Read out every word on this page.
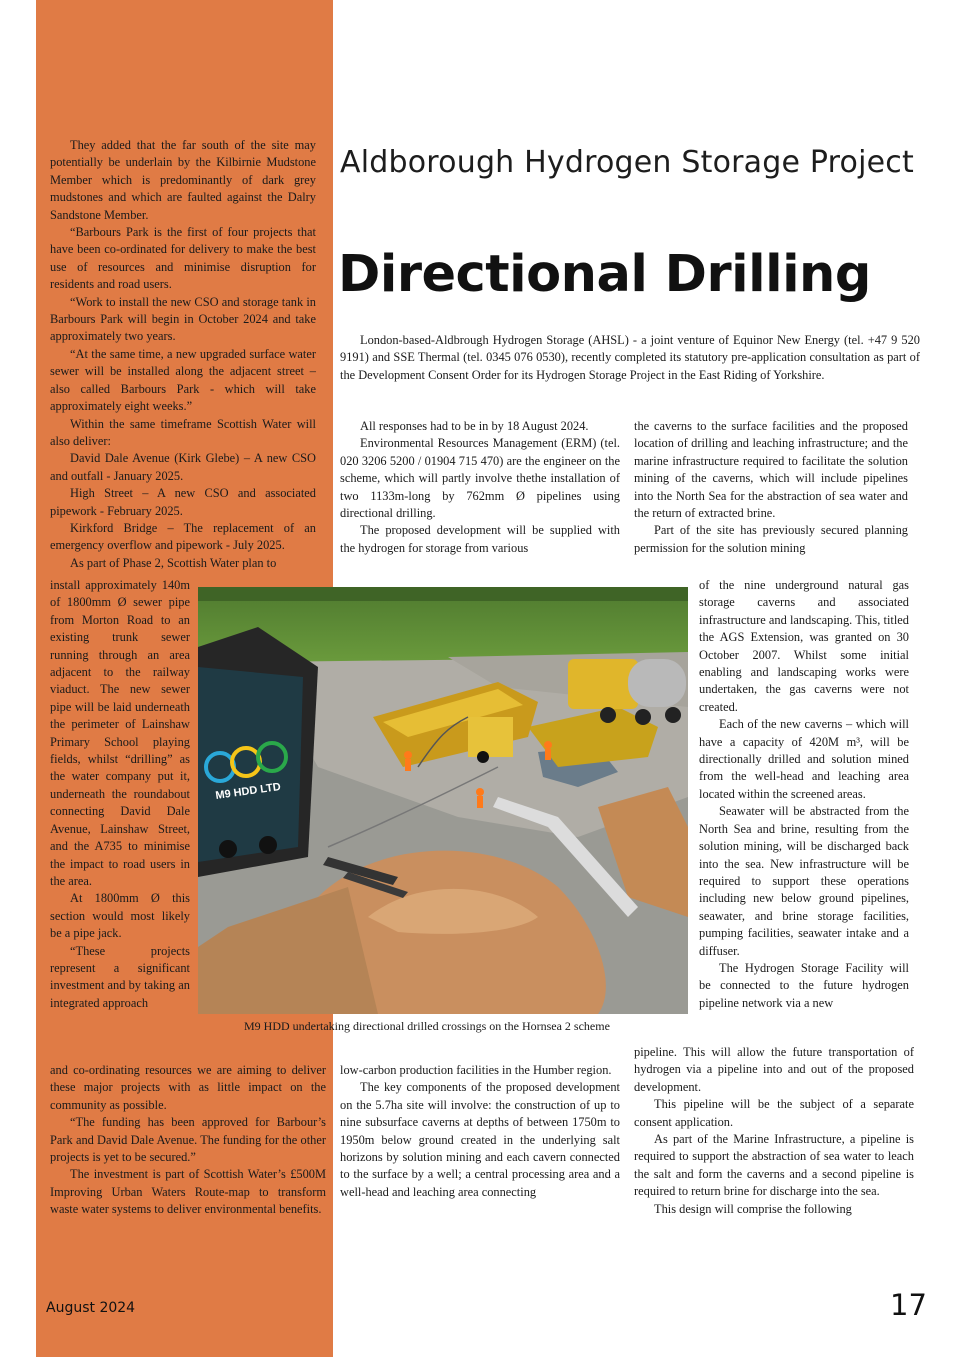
They added that the far south of the site may potentially be underlain by the Kilbirnie Mudstone Member which is predominantly of dark grey mudstones and which are faulted against the Dalry Sandstone Member.

“Barbours Park is the first of four projects that have been co-ordinated for delivery to make the best use of resources and minimise disruption for residents and road users.

“Work to install the new CSO and storage tank in Barbours Park will begin in October 2024 and take approximately two years.

“At the same time, a new upgraded surface water sewer will be installed along the adjacent street – also called Barbours Park - which will take approximately eight weeks.”

Within the same timeframe Scottish Water will also deliver:

David Dale Avenue (Kirk Glebe) – A new CSO and outfall - January 2025.

High Street – A new CSO and associated pipework - February 2025.

Kirkford Bridge – The replacement of an emergency overflow and pipework - July 2025.

As part of Phase 2, Scottish Water plan to

install approximately 140m of 1800mm Ø sewer pipe from Morton Road to an existing trunk sewer running through an area adjacent to the railway viaduct. The new sewer pipe will be laid underneath the perimeter of Lainshaw Primary School playing fields, whilst “drilling” as the water company put it, underneath the roundabout connecting David Dale Avenue, Lainshaw Street, and the A735 to minimise the impact to road users in the area.

At 1800mm Ø this section would most likely be a pipe jack.

“These projects represent a significant investment and by taking an integrated approach

and co-ordinating resources we are aiming to deliver these major projects with as little impact on the community as possible.

“The funding has been approved for Barbour’s Park and David Dale Avenue. The funding for the other projects is yet to be secured.”

The investment is part of Scottish Water’s £500M Improving Urban Waters Route-map to transform waste water systems to deliver environmental benefits.

Aldborough Hydrogen Storage Project
Directional Drilling

London-based-Aldbrough Hydrogen Storage (AHSL) - a joint venture of Equinor New Energy (tel. +47 9 520 9191) and SSE Thermal (tel. 0345 076 0530), recently completed its statutory pre-application consultation as part of the Development Consent Order for its Hydrogen Storage Project in the East Riding of Yorkshire.

All responses had to be in by 18 August 2024.

Environmental Resources Management (ERM) (tel. 020 3206 5200 / 01904 715 470) are the engineer on the scheme, which will partly involve thethe installation of two 1133m-long by 762mm Ø pipelines using directional drilling.

The proposed development will be supplied with the hydrogen for storage from various

low-carbon production facilities in the Humber region.

The key components of the proposed development on the 5.7ha site will involve: the construction of up to nine subsurface caverns at depths of between 1750m to 1950m below ground created in the underlying salt horizons by solution mining and each cavern connected to the surface by a well; a central processing area and a well-head and leaching area connecting

the caverns to the surface facilities and the proposed location of drilling and leaching infrastructure; and the marine infrastructure required to facilitate the solution mining of the caverns, which will include pipelines into the North Sea for the abstraction of sea water and the return of extracted brine.

Part of the site has previously secured planning permission for the solution mining

of the nine underground natural gas storage caverns and associated infrastructure and landscaping. This, titled the AGS Extension, was granted on 30 October 2007. Whilst some initial enabling and landscaping works were undertaken, the gas caverns were not created.

Each of the new caverns – which will have a capacity of 420M m³, will be directionally drilled and solution mined from the well-head and leaching area located within the screened areas.

Seawater will be abstracted from the North Sea and brine, resulting from the solution mining, will be discharged back into the sea. New infrastructure will be required to support these operations including new below ground pipelines, seawater, and brine storage facilities, pumping facilities, seawater intake and a diffuser.

The Hydrogen Storage Facility will be connected to the future hydrogen pipeline network via a new

pipeline. This will allow the future transportation of hydrogen via a pipeline into and out of the proposed development.

This pipeline will be the subject of a separate consent application.

As part of the Marine Infrastructure, a pipeline is required to support the abstraction of sea water to leach the salt and form the caverns and a second pipeline is required to return brine for discharge into the sea.

This design will comprise the following

M9 HDD LTD
M9 HDD undertaking directional drilled crossings on the Hornsea 2 scheme
August 2024	17
